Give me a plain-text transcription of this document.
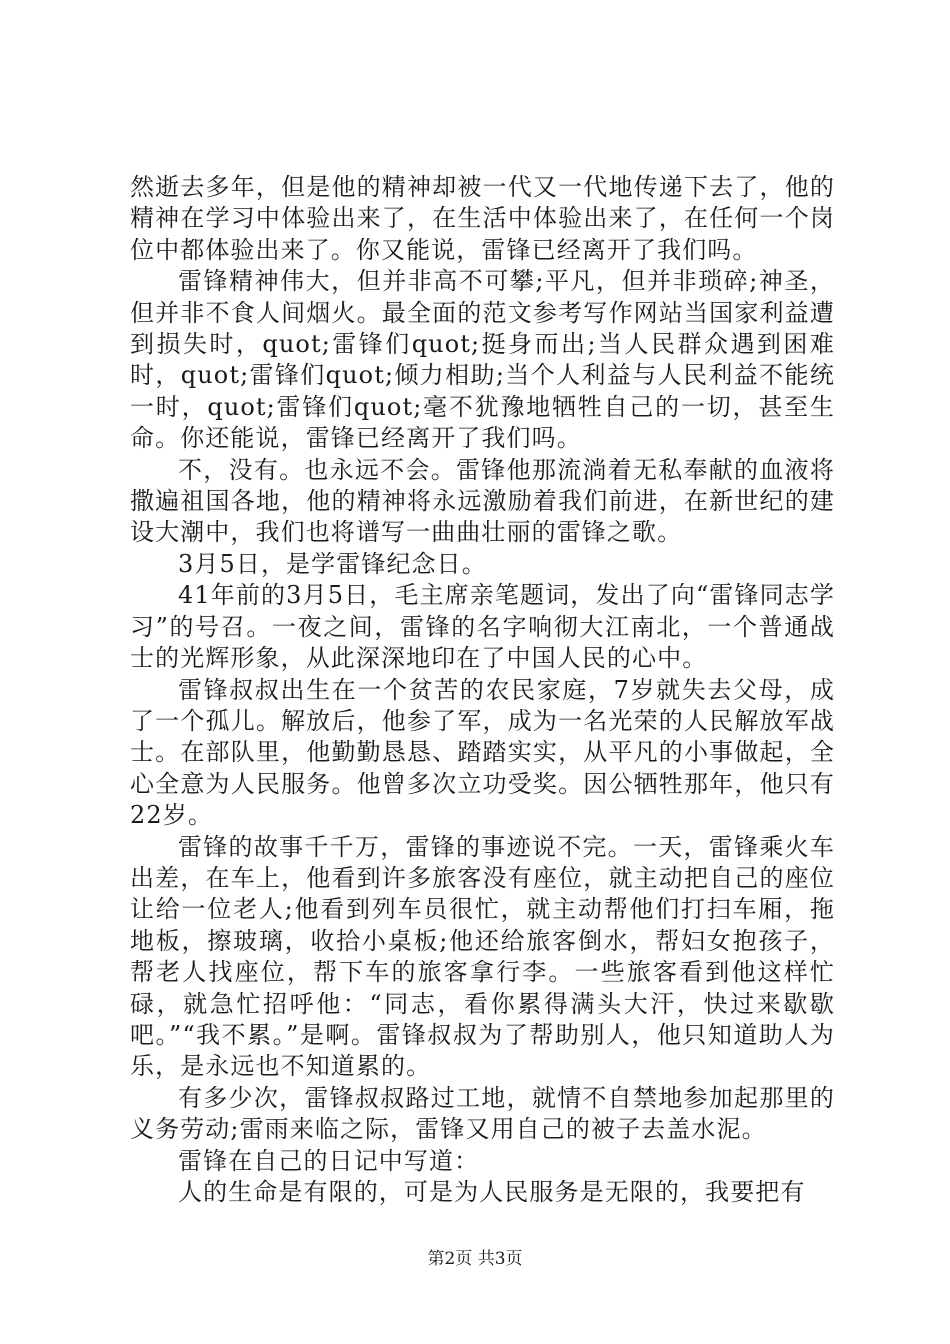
然逝去多年，但是他的精神却被一代又一代地传递下去了，他的精神在学习中体验出来了，在生活中体验出来了，在任何一个岗位中都体验出来了。你又能说，雷锋已经离开了我们吗。

雷锋精神伟大，但并非高不可攀;平凡，但并非琐碎;神圣，但并非不食人间烟火。最全面的范文参考写作网站当国家利益遭到损失时，quot;雷锋们quot;挺身而出;当人民群众遇到困难时，quot;雷锋们quot;倾力相助;当个人利益与人民利益不能统一时，quot;雷锋们quot;毫不犹豫地牺牲自己的一切，甚至生命。你还能说，雷锋已经离开了我们吗。

不，没有。也永远不会。雷锋他那流淌着无私奉献的血液将撒遍祖国各地，他的精神将永远激励着我们前进，在新世纪的建设大潮中，我们也将谱写一曲曲壮丽的雷锋之歌。

3月5日，是学雷锋纪念日。

41年前的3月5日，毛主席亲笔题词，发出了向“雷锋同志学习”的号召。一夜之间，雷锋的名字响彻大江南北，一个普通战士的光辉形象，从此深深地印在了中国人民的心中。

雷锋叔叔出生在一个贫苦的农民家庭，7岁就失去父母，成了一个孤儿。解放后，他参了军，成为一名光荣的人民解放军战士。在部队里，他勤勤恳恳、踏踏实实，从平凡的小事做起，全心全意为人民服务。他曾多次立功受奖。因公牺牲那年，他只有22岁。

雷锋的故事千千万，雷锋的事迹说不完。一天，雷锋乘火车出差，在车上，他看到许多旅客没有座位，就主动把自己的座位让给一位老人;他看到列车员很忙，就主动帮他们打扫车厢，拖地板，擦玻璃，收拾小桌板;他还给旅客倒水，帮妇女抱孩子，帮老人找座位，帮下车的旅客拿行李。一些旅客看到他这样忙碌，就急忙招呼他：“同志，看你累得满头大汗，快过来歇歇吧。”“我不累。”是啊。雷锋叔叔为了帮助别人，他只知道助人为乐，是永远也不知道累的。

有多少次，雷锋叔叔路过工地，就情不自禁地参加起那里的义务劳动;雷雨来临之际，雷锋又用自己的被子去盖水泥。

雷锋在自己的日记中写道：

人的生命是有限的，可是为人民服务是无限的，我要把有

第2页 共3页
